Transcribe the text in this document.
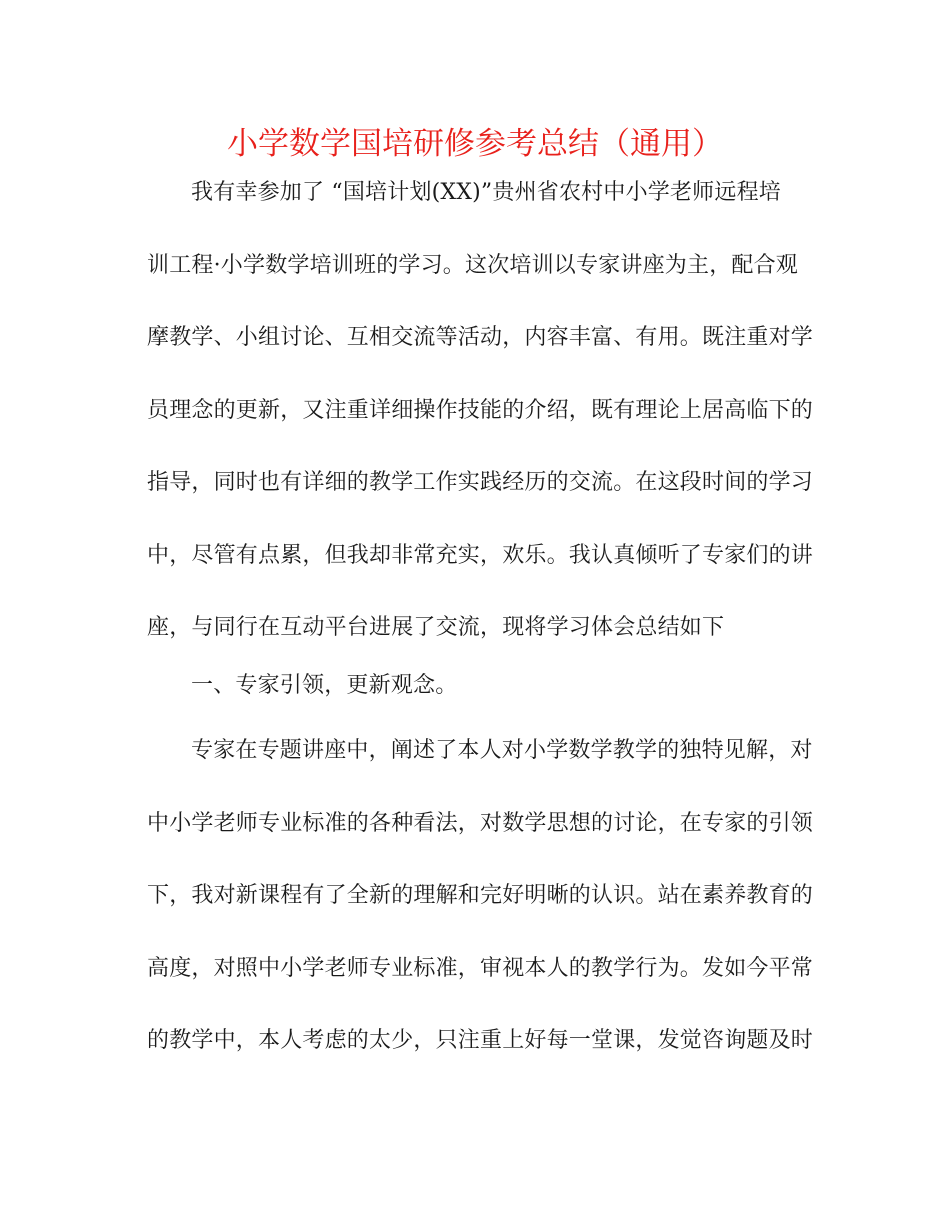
小学数学国培研修参考总结（通用）
我有幸参加了 “国培计划(XX)”贵州省农村中小学老师远程培
训工程·小学数学培训班的学习。这次培训以专家讲座为主，配合观
摩教学、小组讨论、互相交流等活动，内容丰富、有用。既注重对学
员理念的更新，又注重详细操作技能的介绍，既有理论上居高临下的
指导，同时也有详细的教学工作实践经历的交流。在这段时间的学习
中，尽管有点累，但我却非常充实，欢乐。我认真倾听了专家们的讲
座，与同行在互动平台进展了交流，现将学习体会总结如下
一、专家引领，更新观念。
专家在专题讲座中，阐述了本人对小学数学教学的独特见解，对
中小学老师专业标准的各种看法，对数学思想的讨论，在专家的引领
下，我对新课程有了全新的理解和完好明晰的认识。站在素养教育的
高度，对照中小学老师专业标准，审视本人的教学行为。发如今平常
的教学中，本人考虑的太少，只注重上好每一堂课，发觉咨询题及时
